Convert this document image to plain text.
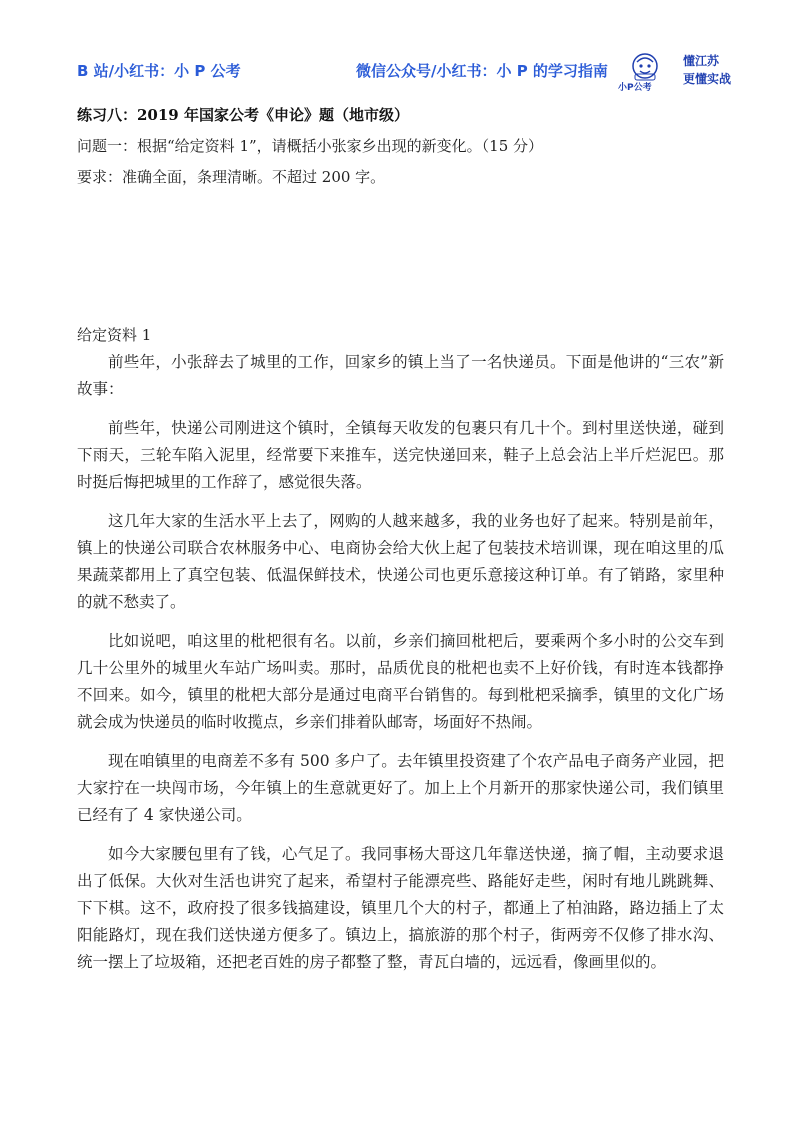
B 站/小红书：小 P 公考	微信公众号/小红书：小 P 的学习指南
小P公考
懂江苏
更懂实战
练习八：2019 年国家公考《申论》题（地市级）
问题一：根据“给定资料 1”，请概括小张家乡出现的新变化。（15 分）
要求：准确全面，条理清晰。不超过 200 字。
给定资料 1

前些年，小张辞去了城里的工作，回家乡的镇上当了一名快递员。下面是他讲的“三农”新故事：

前些年，快递公司刚进这个镇时，全镇每天收发的包裹只有几十个。到村里送快递，碰到下雨天，三轮车陷入泥里，经常要下来推车，送完快递回来，鞋子上总会沾上半斤烂泥巴。那时挺后悔把城里的工作辞了，感觉很失落。

这几年大家的生活水平上去了，网购的人越来越多，我的业务也好了起来。特别是前年，镇上的快递公司联合农林服务中心、电商协会给大伙上起了包装技术培训课，现在咱这里的瓜果蔬菜都用上了真空包装、低温保鲜技术，快递公司也更乐意接这种订单。有了销路，家里种的就不愁卖了。

比如说吧，咱这里的枇杷很有名。以前，乡亲们摘回枇杷后，要乘两个多小时的公交车到几十公里外的城里火车站广场叫卖。那时，品质优良的枇杷也卖不上好价钱，有时连本钱都挣不回来。如今，镇里的枇杷大部分是通过电商平台销售的。每到枇杷采摘季，镇里的文化广场就会成为快递员的临时收揽点，乡亲们排着队邮寄，场面好不热闹。

现在咱镇里的电商差不多有 500 多户了。去年镇里投资建了个农产品电子商务产业园，把大家拧在一块闯市场，今年镇上的生意就更好了。加上上个月新开的那家快递公司，我们镇里已经有了 4 家快递公司。

如今大家腰包里有了钱，心气足了。我同事杨大哥这几年靠送快递，摘了帽，主动要求退出了低保。大伙对生活也讲究了起来，希望村子能漂亮些、路能好走些，闲时有地儿跳跳舞、下下棋。这不，政府投了很多钱搞建设，镇里几个大的村子，都通上了柏油路，路边插上了太阳能路灯，现在我们送快递方便多了。镇边上，搞旅游的那个村子，街两旁不仅修了排水沟、统一摆上了垃圾箱，还把老百姓的房子都整了整，青瓦白墙的，远远看，像画里似的。
